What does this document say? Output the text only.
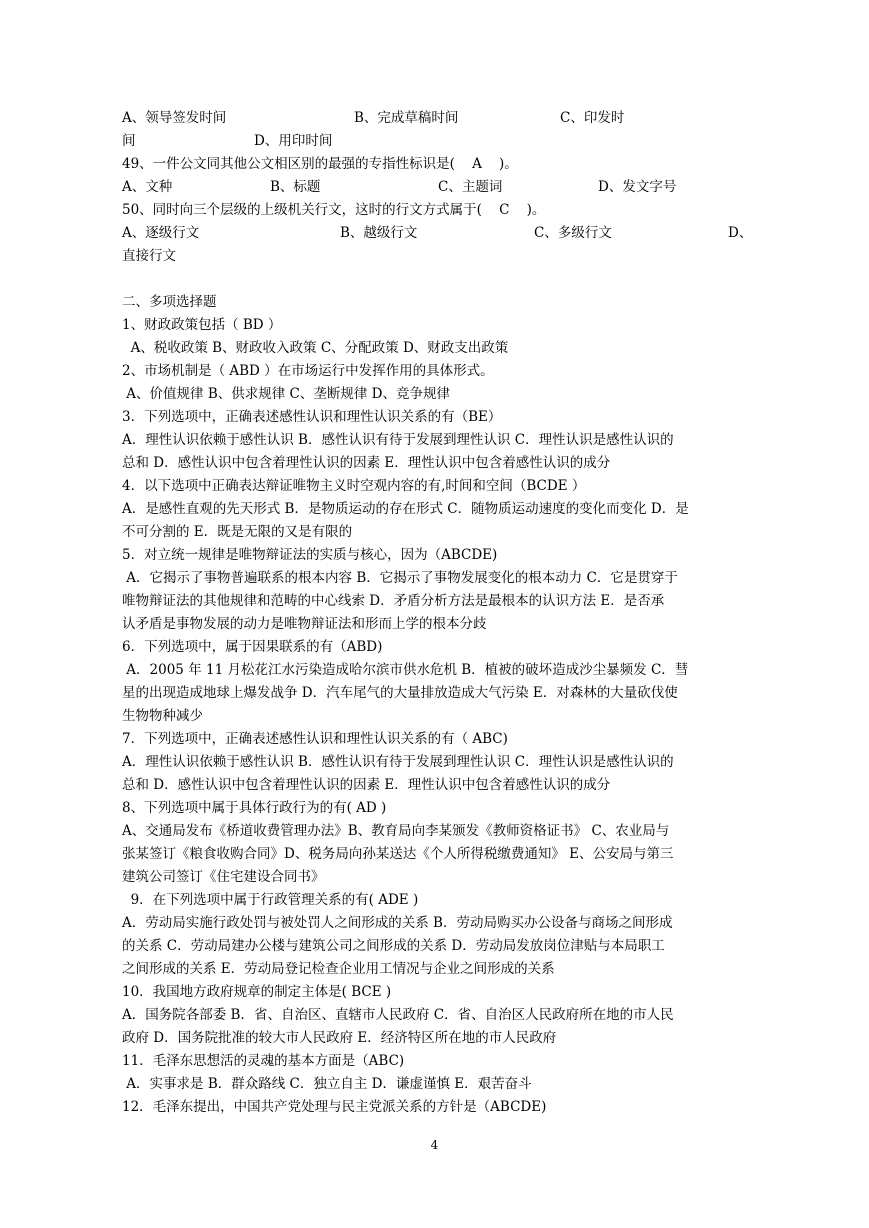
A、领导签发时间

	B、完成草稿时间

	C、印发时

间

	D、用印时间

49、一件公文同其他公文相区别的最强的专指性标识是(    A    )。

A、文种

	B、标题

	C、主题词

	D、发文字号

50、同时向三个层级的上级机关行文，这时的行文方式属于(    C    )。

A、逐级行文

	B、越级行文

	C、多级行文

	D、

直接行文
二、多项选择题
1、财政政策包括（ BD ）
A、税收政策 B、财政收入政策 C、分配政策 D、财政支出政策
2、市场机制是（ ABD ）在市场运行中发挥作用的具体形式。
A、价值规律 B、供求规律 C、垄断规律 D、竞争规律
3．下列选项中，正确表述感性认识和理性认识关系的有（BE）
A．理性认识依赖于感性认识 B．感性认识有待于发展到理性认识 C．理性认识是感性认识的
总和 D．感性认识中包含着理性认识的因素 E．理性认识中包含着感性认识的成分
4．以下选项中正确表达辩证唯物主义时空观内容的有,时间和空间（BCDE ）
A．是感性直观的先天形式 B．是物质运动的存在形式 C．随物质运动速度的变化而变化 D．是
不可分割的 E．既是无限的又是有限的
5．对立统一规律是唯物辩证法的实质与核心，因为（ABCDE)
A．它揭示了事物普遍联系的根本内容 B．它揭示了事物发展变化的根本动力 C．它是贯穿于
唯物辩证法的其他规律和范畴的中心线索 D．矛盾分析方法是最根本的认识方法 E．是否承
认矛盾是事物发展的动力是唯物辩证法和形而上学的根本分歧
6．下列选项中，属于因果联系的有（ABD)
A．2005 年 11 月松花江水污染造成哈尔滨市供水危机 B．植被的破坏造成沙尘暴频发 C．彗
星的出现造成地球上爆发战争 D．汽车尾气的大量排放造成大气污染 E．对森林的大量砍伐使
生物物种减少
7．下列选项中，正确表述感性认识和理性认识关系的有（ ABC)
A．理性认识依赖于感性认识 B．感性认识有待于发展到理性认识 C．理性认识是感性认识的
总和 D．感性认识中包含着理性认识的因素 E．理性认识中包含着感性认识的成分
8、下列选项中属于具体行政行为的有( AD )
A、交通局发布《桥道收费管理办法》B、教育局向李某颁发《教师资格证书》 C、农业局与
张某签订《粮食收购合同》D、税务局向孙某送达《个人所得税缴费通知》 E、公安局与第三
建筑公司签订《住宅建设合同书》
9．在下列选项中属于行政管理关系的有( ADE )
A．劳动局实施行政处罚与被处罚人之间形成的关系 B．劳动局购买办公设备与商场之间形成
的关系 C．劳动局建办公楼与建筑公司之间形成的关系 D．劳动局发放岗位津贴与本局职工
之间形成的关系 E．劳动局登记检查企业用工情况与企业之间形成的关系
10．我国地方政府规章的制定主体是( BCE )
A．国务院各部委 B．省、自治区、直辖市人民政府 C．省、自治区人民政府所在地的市人民
政府 D．国务院批准的较大市人民政府 E．经济特区所在地的市人民政府
11．毛泽东思想活的灵魂的基本方面是（ABC)
A．实事求是 B．群众路线 C．独立自主 D．谦虚谨慎 E．艰苦奋斗
12．毛泽东提出，中国共产党处理与民主党派关系的方针是（ABCDE)
4
